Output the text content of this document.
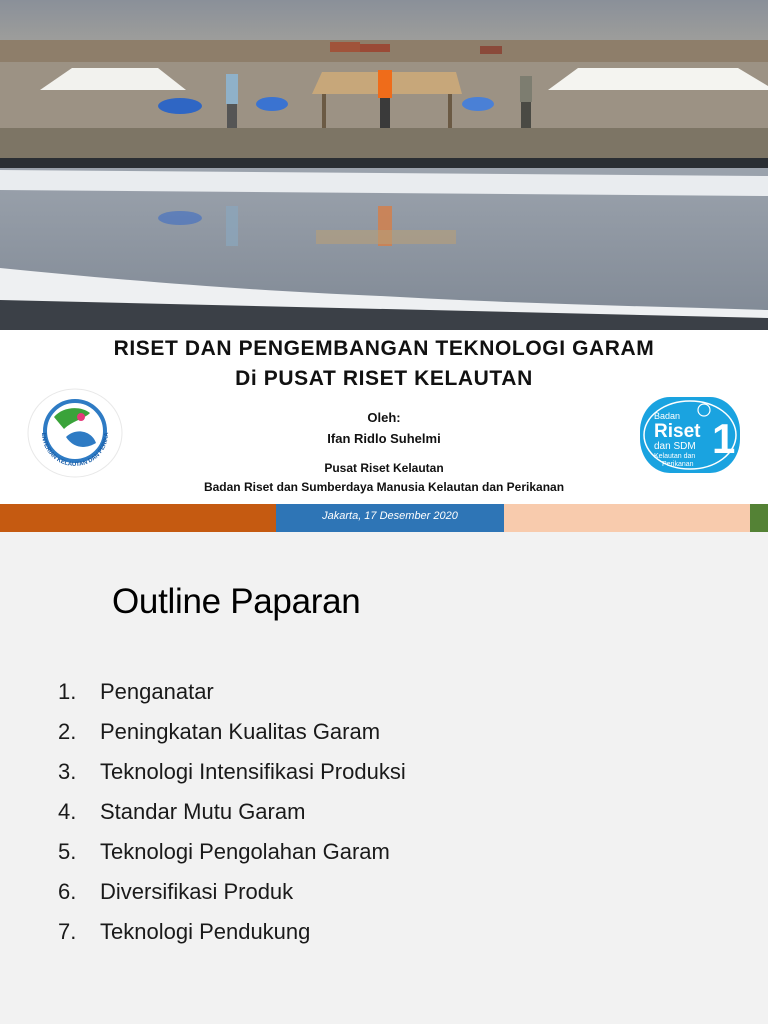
RISET DAN PENGEMBANGAN TEKNOLOGI GARAM
Di PUSAT RISET KELAUTAN
Oleh:
Ifan Ridlo Suhelmi
Pusat Riset Kelautan
Badan Riset dan Sumberdaya Manusia Kelautan dan Perikanan
ENTERIAN KELAUTAN DAN PERIKA
Badan
Riset
dan SDM
Kelautan dan
Perikanan
1
Jakarta, 17 Desember 2020
Outline Paparan
1.	Penganatar
2.	Peningkatan Kualitas Garam
3.	Teknologi Intensifikasi Produksi
4.	Standar Mutu Garam
5.	Teknologi Pengolahan Garam
6.	Diversifikasi Produk
7.	Teknologi Pendukung
